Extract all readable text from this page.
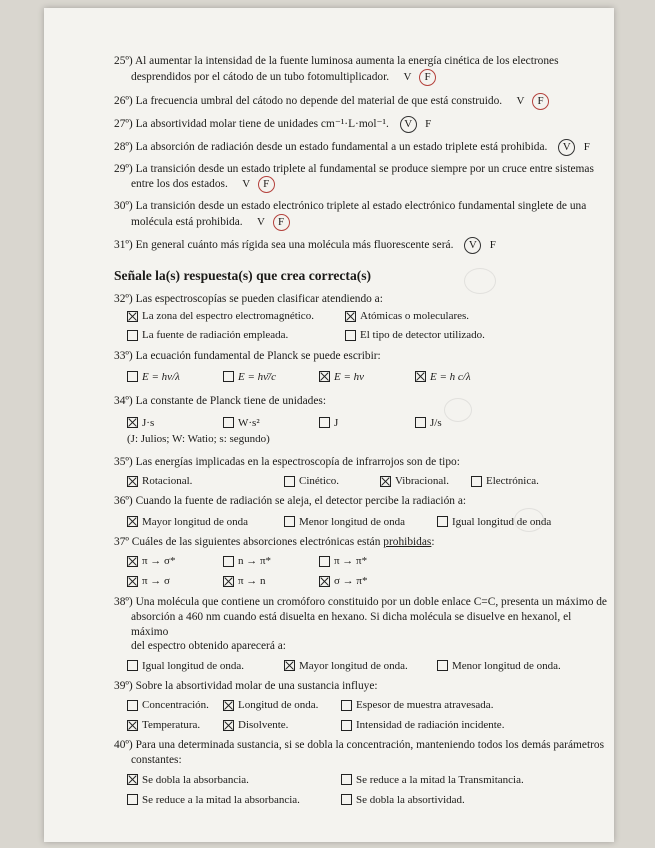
25º) Al aumentar la intensidad de la fuente luminosa aumenta la energía cinética de los electrones

desprendidos por el cátodo de un tubo fotomultiplicador.	V	F

26º) La frecuencia umbral del cátodo no depende del material de que está construido.	V	F

27º) La absortividad molar tiene de unidades cm⁻¹·L·mol⁻¹.	V	F

28º) La absorción de radiación desde un estado fundamental a un estado triplete está prohibida.	V	F

29º) La transición desde un estado triplete al fundamental se produce siempre por un cruce entre sistemas

entre los dos estados.	V	F

30º) La transición desde un estado electrónico triplete al estado electrónico fundamental singlete de una

molécula está prohibida.	V	F

31º) En general cuánto más rígida sea una molécula más fluorescente será.	V	F

Señale la(s) respuesta(s) que crea correcta(s)

32º) Las espectroscopías se pueden clasificar atendiendo a:

La zona del espectro electromagnético.	Atómicas o moleculares.
La fuente de radiación empleada.	El tipo de detector utilizado.

33º) La ecuación fundamental de Planck se puede escribir:

E = hν/λ	E = hν̄/c	E = hν	E = h c/λ

34º) La constante de Planck tiene de unidades:

J·s	W·s²	J	J/s
(J: Julios; W: Watio; s: segundo)

35º) Las energías implicadas en la espectroscopía de infrarrojos son de tipo:

Rotacional.	Cinético.	Vibracional.	Electrónica.

36º) Cuando la fuente de radiación se aleja, el detector percibe la radiación a:

Mayor longitud de onda	Menor longitud de onda	Igual longitud de onda

37º Cuáles de las siguientes absorciones electrónicas están prohibidas:

π → σ*	n → π*	π → π*
π → σ	π → n	σ → π*

38º) Una molécula que contiene un cromóforo constituido por un doble enlace C=C, presenta un máximo de

absorción a 460 nm cuando está disuelta en hexano. Si dicha molécula se disuelve en hexanol, el máximo
del espectro obtenido aparecerá a:

Igual longitud de onda.	Mayor longitud de onda.	Menor longitud de onda.

39º) Sobre la absortividad molar de una sustancia influye:

Concentración.	Longitud de onda.	Espesor de muestra atravesada.
Temperatura.	Disolvente.	Intensidad de radiación incidente.

40º) Para una determinada sustancia, si se dobla la concentración, manteniendo todos los demás parámetros

constantes:

Se dobla la absorbancia.	Se reduce a la mitad la Transmitancia.
Se reduce a la mitad la absorbancia.	Se dobla la absortividad.
